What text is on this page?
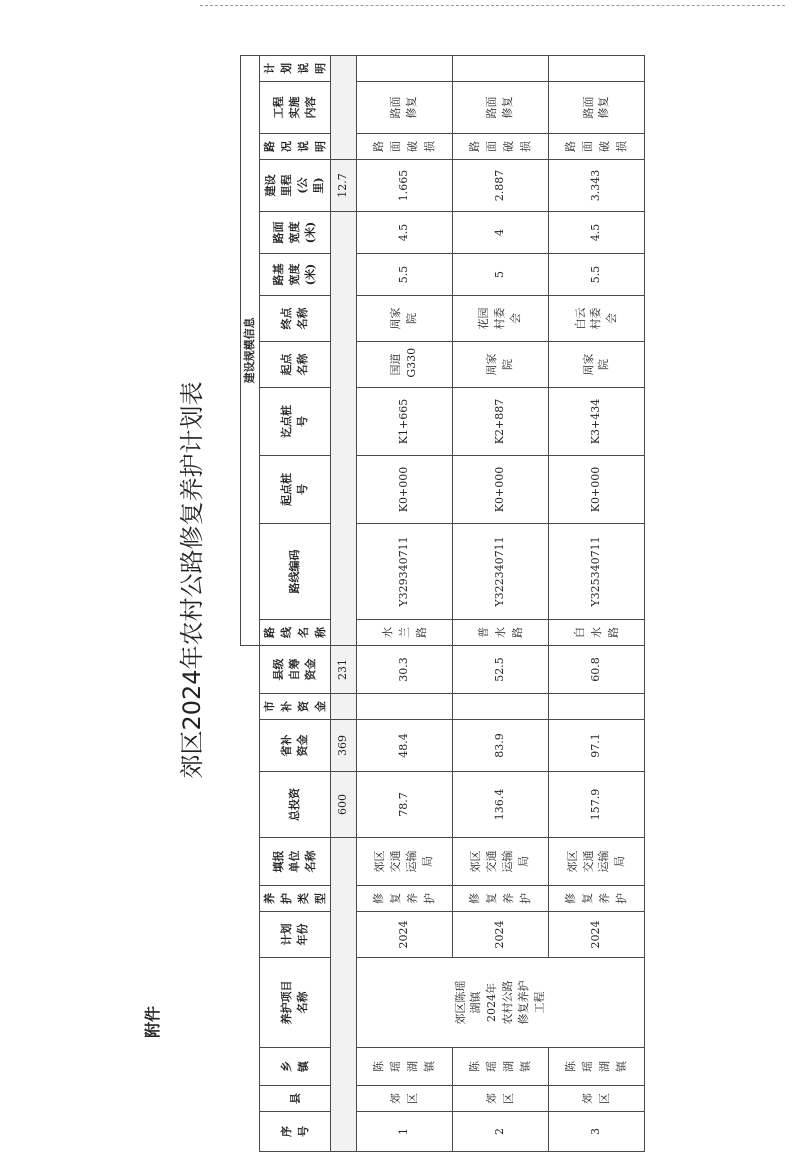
附件
郊区2024年农村公路修复养护计划表
											建设规模信息											
序号	县	乡镇	养护项目名称	计划年份	养护类型	填报单位名称	总投资	省补资金	市补资金	县级自筹资金	路线名称	路线编码	起点桩号	讫点桩号	起点名称	终点名称	路基宽度(米)	路面宽度(米)	建设里程(公里)	路况说明	工程实施内容	计划说明
							600	369		231									12.7			
1	郊区	陈瑶湖镇	郊区陈瑶湖镇2024年农村公路修复养护工程	2024	修复养护	郊区交通运输局	78.7	48.4		30.3	水兰路	Y329340711	K0+000	K1+665	国道G330	周家院	5.5	4.5	1.665	路面破损	路面修复	
2	郊区	陈瑶湖镇		2024	修复养护	郊区交通运输局	136.4	83.9		52.5	普水路	Y322340711	K0+000	K2+887	周家院	花园村委会	5	4	2.887	路面破损	路面修复	
3	郊区	陈瑶湖镇		2024	修复养护	郊区交通运输局	157.9	97.1		60.8	白水路	Y325340711	K0+000	K3+434	周家院	白云村委会	5.5	4.5	3.343	路面破损	路面修复	
